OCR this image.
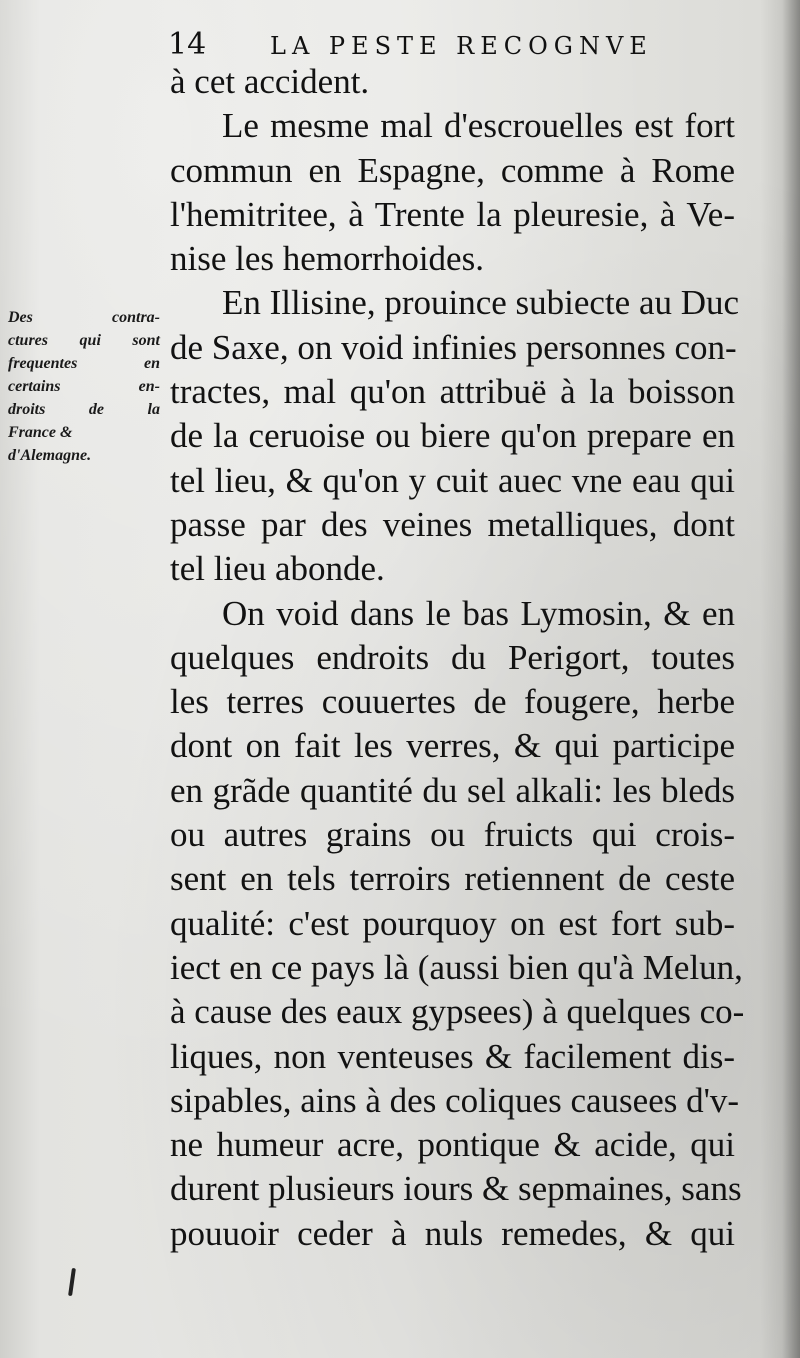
14	LA PESTE RECOGNVE
Des contra-
ctures qui sont
frequentes en
certains en-
droits de la
France &
d'Alemagne.
à cet accident.
Le mesme mal d'escrouelles est fort
commun en Espagne, comme à Rome
l'hemitritee, à Trente la pleuresie, à Ve-
nise les hemorrhoides.
En Illisine, prouince subiecte au Duc
de Saxe, on void infinies personnes con-
tractes, mal qu'on attribuë à la boisson
de la ceruoise ou biere qu'on prepare en
tel lieu, & qu'on y cuit auec vne eau qui
passe par des veines metalliques, dont
tel lieu abonde.
On void dans le bas Lymosin, & en
quelques endroits du Perigort, toutes
les terres couuertes de fougere, herbe
dont on fait les verres, & qui participe
en grãde quantité du sel alkali: les bleds
ou autres grains ou fruicts qui crois-
sent en tels terroirs retiennent de ceste
qualité: c'est pourquoy on est fort sub-
iect en ce pays là (aussi bien qu'à Melun,
à cause des eaux gypsees) à quelques co-
liques, non venteuses & facilement dis-
sipables, ains à des coliques causees d'v-
ne humeur acre, pontique & acide, qui
durent plusieurs iours & sepmaines, sans
pouuoir ceder à nuls remedes, & qui
